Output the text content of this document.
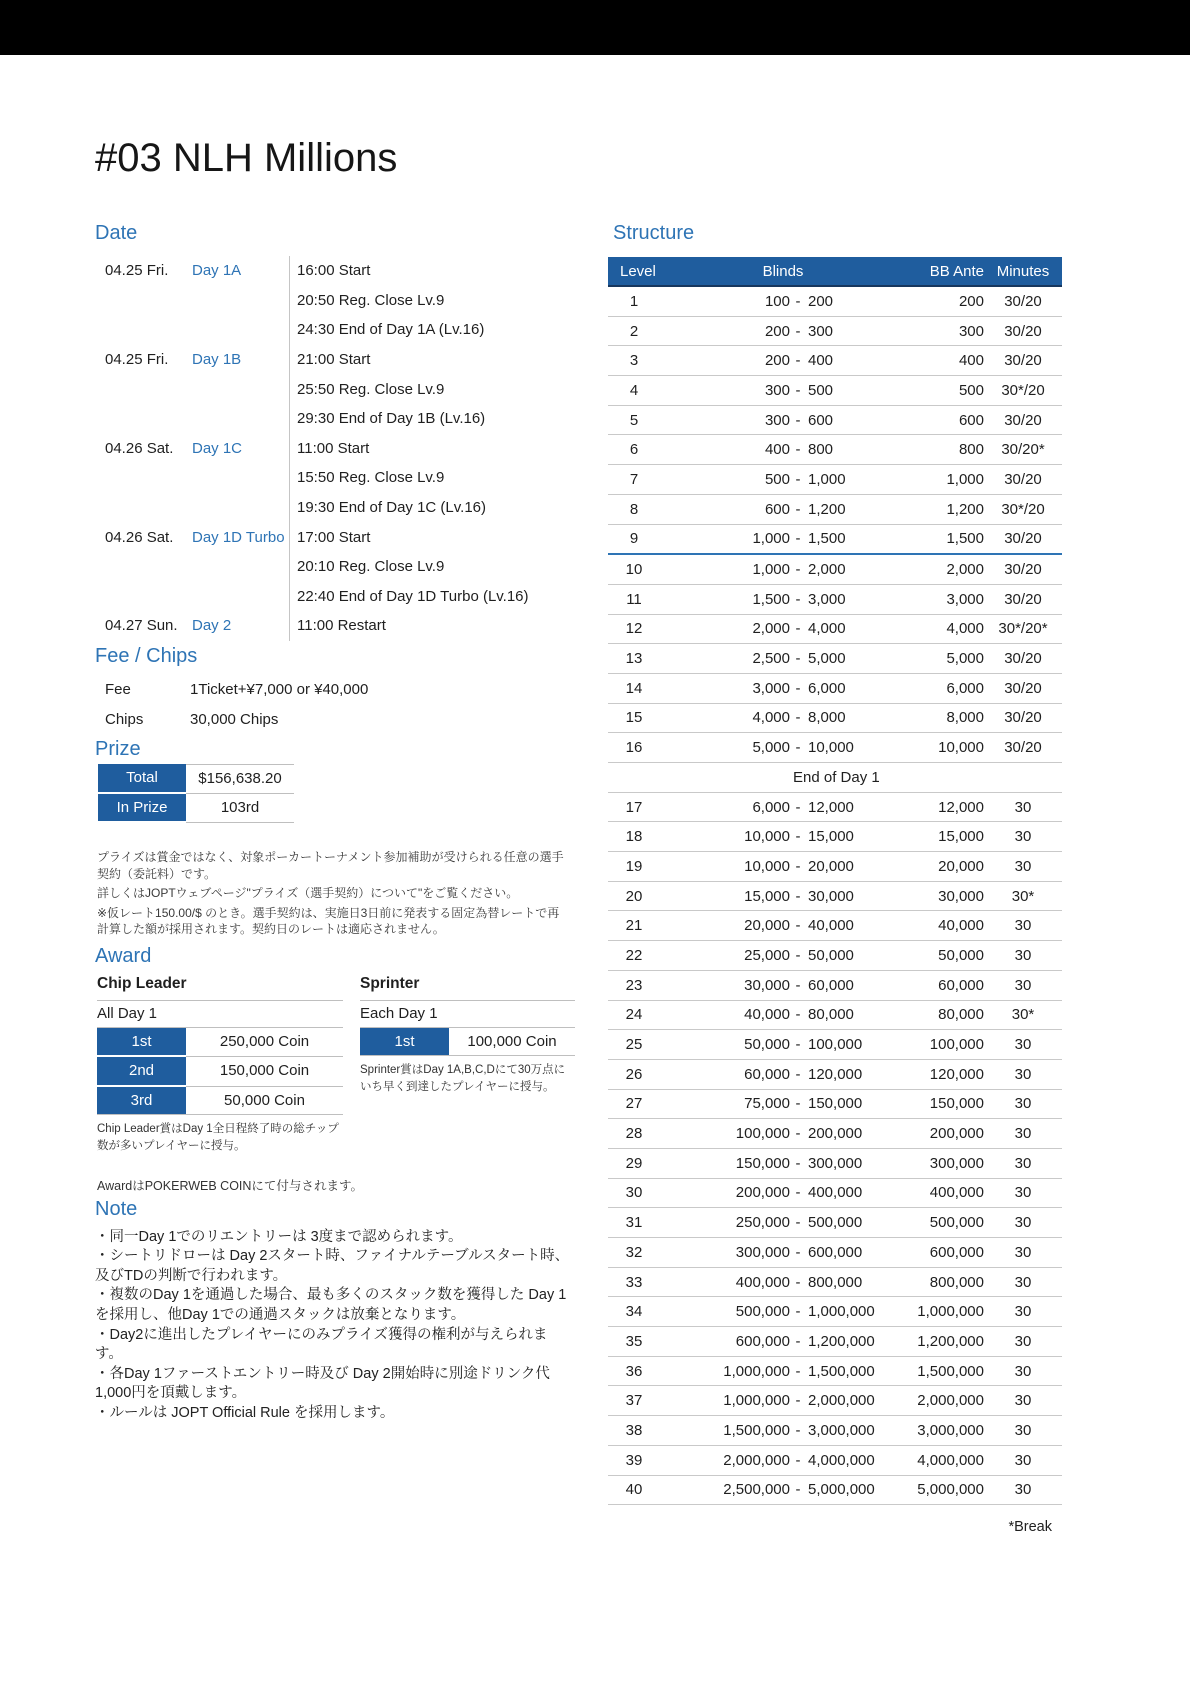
#03 NLH Millions
Date
04.25 Fri.	Day 1A	16:00 Start
20:50 Reg. Close Lv.9
24:30 End of Day 1A (Lv.16)
04.25 Fri.	Day 1B	21:00 Start
25:50 Reg. Close Lv.9
29:30 End of Day 1B (Lv.16)
04.26 Sat.	Day 1C	11:00 Start
15:50 Reg. Close Lv.9
19:30 End of Day 1C (Lv.16)
04.26 Sat.	Day 1D Turbo 17:00 Start
20:10 Reg. Close Lv.9
22:40 End of Day 1D Turbo (Lv.16)
04.27 Sun. Day 2	11:00 Restart
Fee / Chips
Fee	1Ticket+¥7,000 or ¥40,000
Chips	30,000 Chips
Prize
Total	$156,638.20
In Prize	103rd

プライズは賞金ではなく、対象ポーカートーナメント参加補助が受けられる任意の選手契約（委託料）です。

詳しくはJOPTウェブページ"プライズ（選手契約）について"をご覧ください。

※仮レート150.00/$ のとき。選手契約は、実施日3日前に発表する固定為替レートで再計算した額が採用されます。契約日のレートは適応されません。

Award
Chip Leader
All Day 1
1st	250,000 Coin
2nd	150,000 Coin
3rd	50,000 Coin
Chip Leader賞はDay 1全日程終了時の総チップ数が多いプレイヤーに授与。
Sprinter
Each Day 1
1st	100,000 Coin
Sprinter賞はDay 1A,B,C,Dにて30万点にいち早く到達したプレイヤーに授与。
AwardはPOKERWEB COINにて付与されます。
Note

・同一Day 1でのリエントリーは 3度まで認められます。

・シートリドローは Day 2スタート時、ファイナルテーブルスタート時、及びTDの判断で行われます。

・複数のDay 1を通過した場合、最も多くのスタック数を獲得した Day 1を採用し、他Day 1での通過スタックは放棄となります。

・Day2に進出したプレイヤーにのみプライズ獲得の権利が与えられます。

・各Day 1ファーストエントリー時及び Day 2開始時に別途ドリンク代 1,000円を頂戴します。

・ルールは JOPT Official Rule を採用します。

Structure
Level	Blinds	BB Ante Minutes
1	100 - 200	200	30/20
2	200 - 300	300	30/20
3	200 - 400	400	30/20
4	300 - 500	500	30*/20
5	300 - 600	600	30/20
6	400 - 800	800	30/20*
7	500 - 1,000	1,000	30/20
8	600 - 1,200	1,200	30*/20
9	1,000 - 1,500	1,500	30/20
10	1,000 - 2,000	2,000	30/20
11	1,500 - 3,000	3,000	30/20
12	2,000 - 4,000	4,000 30*/20*
13	2,500 - 5,000	5,000	30/20
14	3,000 - 6,000	6,000	30/20
15	4,000 - 8,000	8,000	30/20
16	5,000 - 10,000	10,000	30/20
End of Day 1
17	6,000 - 12,000	12,000	30
18	10,000 - 15,000	15,000	30
19	10,000 - 20,000	20,000	30
20	15,000 - 30,000	30,000	30*
21	20,000 - 40,000	40,000	30
22	25,000 - 50,000	50,000	30
23	30,000 - 60,000	60,000	30
24	40,000 - 80,000	80,000	30*
25	50,000 - 100,000	100,000	30
26	60,000 - 120,000	120,000	30
27	75,000 - 150,000	150,000	30
28	100,000 - 200,000	200,000	30
29	150,000 - 300,000	300,000	30
30	200,000 - 400,000	400,000	30
31	250,000 - 500,000	500,000	30
32	300,000 - 600,000	600,000	30
33	400,000 - 800,000	800,000	30
34	500,000 - 1,000,000	1,000,000	30
35	600,000 - 1,200,000	1,200,000	30
36	1,000,000 - 1,500,000	1,500,000	30
37	1,000,000 - 2,000,000	2,000,000	30
38	1,500,000 - 3,000,000	3,000,000	30
39	2,000,000 - 4,000,000	4,000,000	30
40	2,500,000 - 5,000,000	5,000,000	30
*Break
